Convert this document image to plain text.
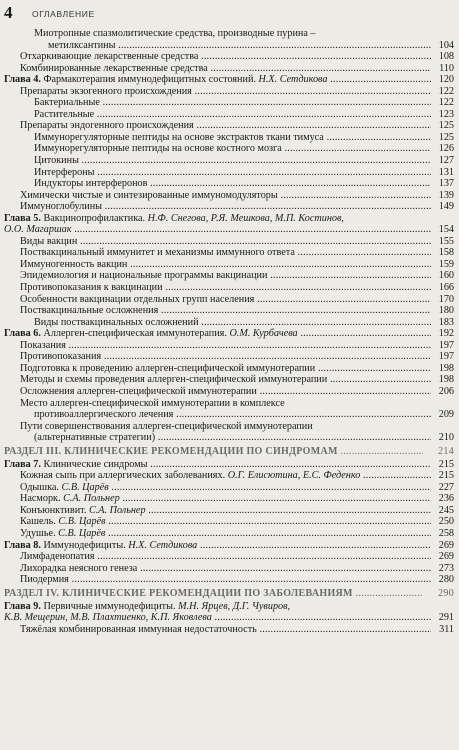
4 ОГЛАВЛЕНИЕ
Миотропные спазмолитические средства, производные пурина –
метилксантины .....	104
Отхаркивающие лекарственные средства .....	108
Комбинированные лекарственные средства .....	110
Глава 4. Фармакотерапия иммунодефицитных состояний. Н.Х. Сетдикова .....	120
Препараты экзогенного происхождения .....	122
Бактериальные .....	122
Растительные .....	123
Препараты эндогенного происхождения .....	125
Иммунорегуляторные пептиды на основе экстрактов ткани тимуса .....	125
Иммунорегуляторные пептиды на основе костного мозга .....	126
Цитокины .....	127
Интерфероны .....	131
Индукторы интерферонов .....	137
Химически чистые и синтезированные иммуномодуляторы .....	139
Иммуноглобулины .....	149
Глава 5. Вакцинопрофилактика. Н.Ф. Снегова, Р.Я. Мешкова, М.П. Костинов,
О.О. Магаршак .....	154
Виды вакцин .....	155
Поствакцинальный иммунитет и механизмы иммунного ответа .....	158
Иммуногенность вакцин .....	159
Эпидемиология и национальные программы вакцинации .....	160
Противопоказания к вакцинации .....	166
Особенности вакцинации отдельных групп населения .....	170
Поствакцинальные осложнения .....	180
Виды поствакцинальных осложнений .....	183
Глава 6. Аллерген-специфическая иммунотерапия. О.М. Курбачева .....	192
Показания .....	197
Противопоказания .....	197
Подготовка к проведению аллерген-специфической иммунотерапии .....	198
Методы и схемы проведения аллерген-специфической иммунотерапии .....	198
Осложнения аллерген-специфической иммунотерапии .....	206
Место аллерген-специфической иммунотерапии в комплексе
противоаллергического лечения .....	209
Пути совершенствования аллерген-специфической иммунотерапии
(альтернативные стратегии) .....	210
РАЗДЕЛ III. КЛИНИЧЕСКИЕ РЕКОМЕНДАЦИИ ПО СИНДРОМАМ .....	214
Глава 7. Клинические синдромы .....	215
Кожная сыпь при аллергических заболеваниях. О.Г. Елисютина, Е.С. Феденко .....	215
Одышка. С.В. Царёв .....	227
Насморк. С.А. Польнер .....	236
Конъюнктивит. С.А. Польнер .....	245
Кашель. С.В. Царёв .....	250
Удушье. С.В. Царёв .....	258
Глава 8. Иммунодефициты. Н.Х. Сетдикова .....	269
Лимфаденопатия .....	269
Лихорадка неясного генеза .....	273
Пиодермия .....	280
РАЗДЕЛ IV. КЛИНИЧЕСКИЕ РЕКОМЕНДАЦИИ ПО ЗАБОЛЕВАНИЯМ .....	290
Глава 9. Первичные иммунодефициты. М.Н. Ярцев, Д.Г. Чувиров,
К.В. Мещерин, М.В. Плахтиенко, К.П. Яковлева .....	291
Тяжёлая комбинированная иммунная недостаточность .....	311
